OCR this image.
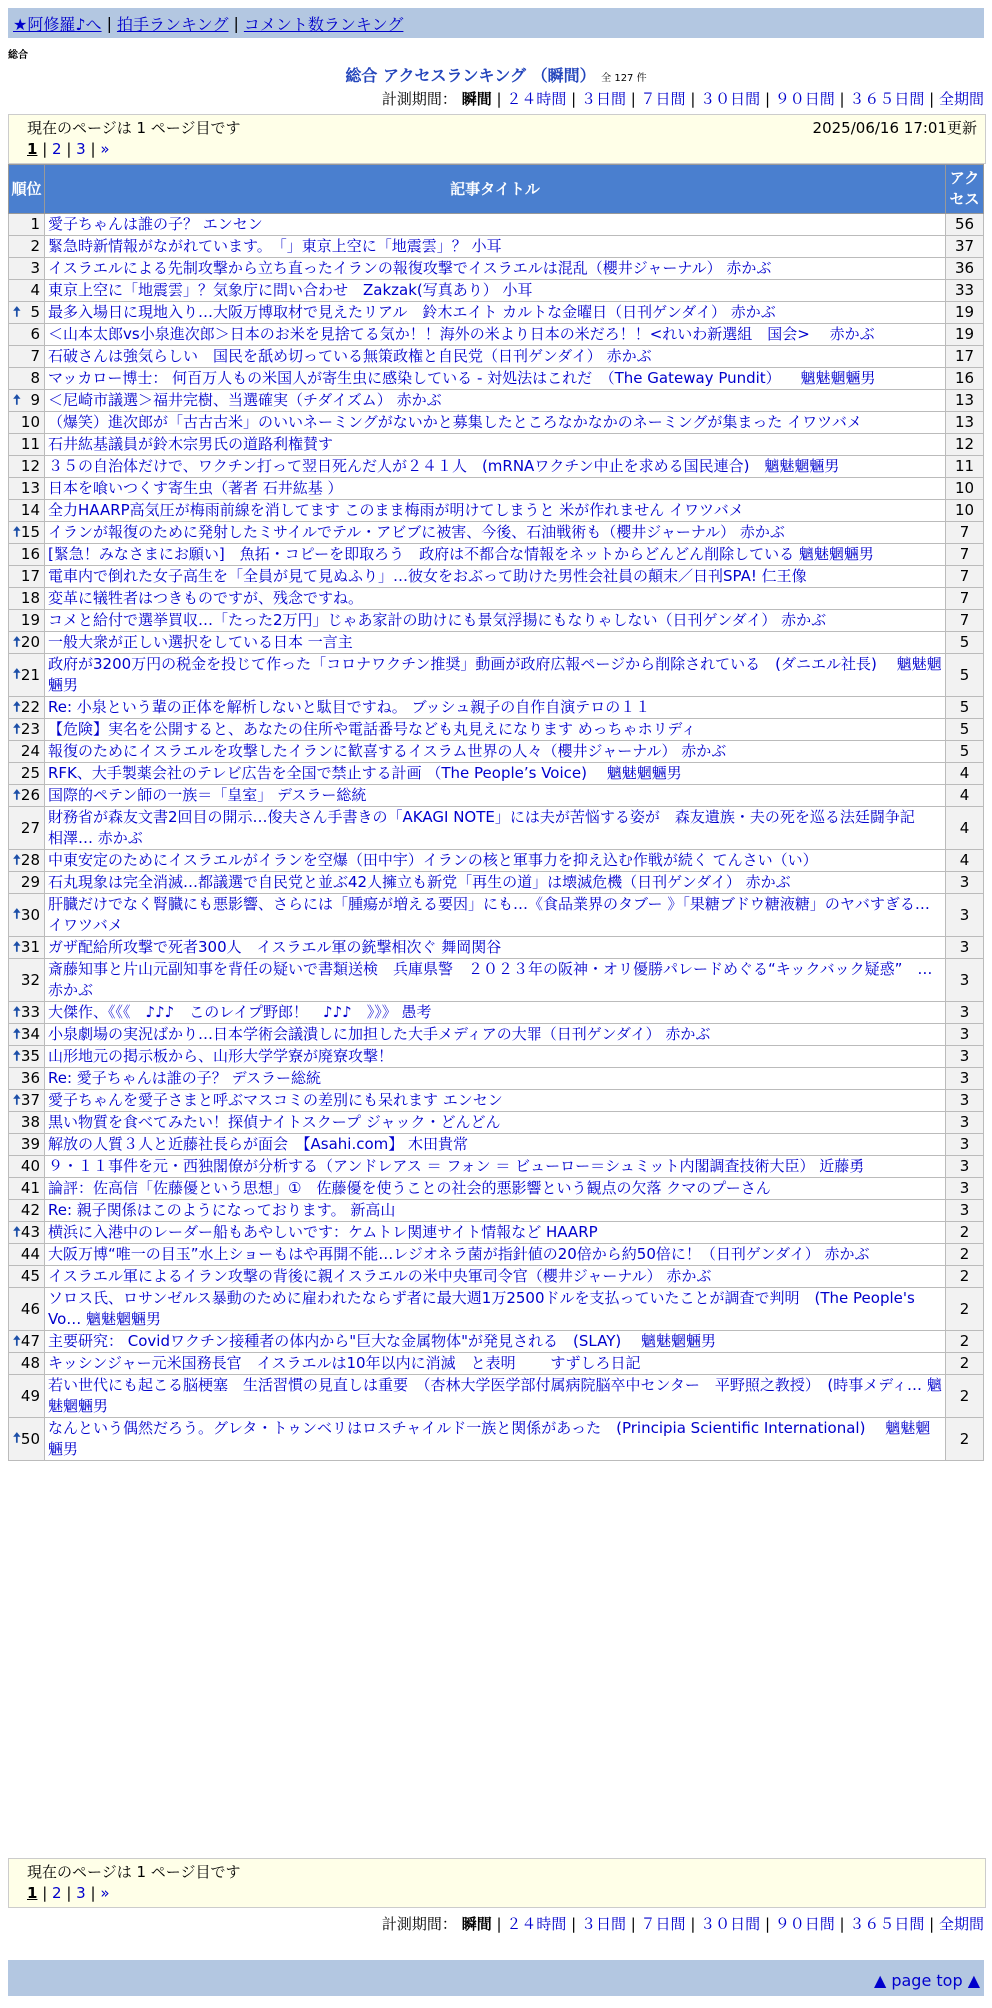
★阿修羅♪へ | 拍手ランキング | コメント数ランキング
総合
総合 アクセスランキング （瞬間） 全 127 件
計測期間： 瞬間 | ２４時間 | ３日間 | ７日間 | ３０日間 | ９０日間 | ３６５日間 | 全期間
現在のページは 1 ページ目です	2025/06/16 17:01更新
1 | 2 | 3 | »
順位	記事タイトル	アクセス
1	愛子ちゃんは誰の子？ エンセン	56
2	緊急時新情報がながれています。　「」東京上空に「地震雲」？ 小耳	37
3	イスラエルによる先制攻撃から立ち直ったイランの報復攻撃でイスラエルは混乱（櫻井ジャーナル） 赤かぶ	36
4	東京上空に「地震雲」？気象庁に問い合わせ　Zakzak(写真あり） 小耳	33

🠅 5	最多入場日に現地入り…大阪万博取材で見えたリアル　鈴木エイト カルトな金曜日（日刊ゲンダイ） 赤かぶ	19
6	＜山本太郎vs小泉進次郎＞日本のお米を見捨てる気か！！海外の米より日本の米だろ！！<れいわ新選組　国会>　 赤かぶ	19
7	石破さんは強気らしい　国民を舐め切っている無策政権と自民党（日刊ゲンダイ） 赤かぶ	17
8	マッカロー博士： 何百万人もの米国人が寄生虫に感染している - 対処法はこれだ　（The Gateway Pundit） 　魑魅魍魎男	16

🠅 9	＜尼崎市議選＞福井完樹、当選確実（チダイズム） 赤かぶ	13
10	（爆笑）進次郎が「古古古米」のいいネーミングがないかと募集したところなかなかのネーミングが集まった イワツバメ	13
11	石井紘基議員が鈴木宗男氏の道路利権賛す	12
12	３５の自治体だけで、ワクチン打って翌日死んだ人が２４１人　(mRNAワクチン中止を求める国民連合)　魑魅魍魎男	11
13	日本を喰いつくす寄生虫（著者 石井紘基 ）	10
14	全力HAARP高気圧が梅雨前線を消してます このまま梅雨が明けてしまうと 米が作れません イワツバメ	10

🠅 15	イランが報復のために発射したミサイルでテル・アビブに被害、今後、石油戦術も（櫻井ジャーナル） 赤かぶ	7
16	[緊急！みなさまにお願い]　魚拓・コピーを即取ろう　政府は不都合な情報をネットからどんどん削除している 魑魅魍魎男	7
17	電車内で倒れた女子高生を「全員が見て見ぬふり」…彼女をおぶって助けた男性会社員の顛末／日刊SPA! 仁王像	7
18	変革に犠牲者はつきものですが、残念ですね。	7
19	コメと給付で選挙買収…「たった2万円」じゃあ家計の助けにも景気浮揚にもなりゃしない（日刊ゲンダイ） 赤かぶ	7

🠅 20	一般大衆が正しい選択をしている日本 一言主	5

🠅 21	政府が3200万円の税金を投じて作った「コロナワクチン推奨」動画が政府広報ページから削除されている　(ダニエル社長)　 魑魅魍魎男	5

🠅 22	Re: 小泉という輩の正体を解析しないと駄目ですね。 ブッシュ親子の自作自演テロの１１	5

🠅 23	【危険】実名を公開すると、あなたの住所や電話番号なども丸見えになります めっちゃホリディ	5
24	報復のためにイスラエルを攻撃したイランに歓喜するイスラム世界の人々（櫻井ジャーナル） 赤かぶ	5
25	RFK、大手製薬会社のテレビ広告を全国で禁止する計画 （The People’s Voice)　 魑魅魍魎男	4

🠅 26	国際的ペテン師の一族＝「皇室」 デスラー総統	4
27	財務省が森友文書2回目の開示…俊夫さん手書きの「AKAGI NOTE」には夫が苦悩する姿が　森友遺族・夫の死を巡る法廷闘争記　相澤… 赤かぶ	4

🠅 28	中東安定のためにイスラエルがイランを空爆（田中宇）イランの核と軍事力を抑え込む作戦が続く てんさい（い）	4
29	石丸現象は完全消滅…都議選で自民党と並ぶ42人擁立も新党「再生の道」は壊滅危機（日刊ゲンダイ） 赤かぶ	3

🠅 30	肝臓だけでなく腎臓にも悪影響、さらには「腫瘍が増える要因」にも…《食品業界のタブー 》「果糖ブドウ糖液糖」のヤバすぎる… イワツバメ	3

🠅 31	ガザ配給所攻撃で死者300人　イスラエル軍の銃撃相次ぐ 舞岡関谷	3
32	斎藤知事と片山元副知事を背任の疑いで書類送検　兵庫県警　２０２３年の阪神・オリ優勝パレードめぐる“キックバック疑惑”　… 赤かぶ	3

🠅 33	大傑作、《《《　♪♪♪　このレイプ野郎！　♪♪♪　》》》 愚考	3

🠅 34	小泉劇場の実況ばかり…日本学術会議潰しに加担した大手メディアの大罪（日刊ゲンダイ） 赤かぶ	3

🠅 35	山形地元の掲示板から、山形大学学寮が廃寮攻撃！	3
36	Re: 愛子ちゃんは誰の子？ デスラー総統	3

🠅 37	愛子ちゃんを愛子さまと呼ぶマスコミの差別にも呆れます エンセン	3
38	黒い物質を食べてみたい！探偵ナイトスクープ ジャック・どんどん	3
39	解放の人質３人と近藤社長らが面会　【Asahi.com】 木田貴常	3
40	９・１１事件を元・西独閣僚が分析する（アンドレアス ＝ フォン ＝ ビューロー＝シュミット内閣調査技術大臣） 近藤勇	3
41	論評：佐高信「佐藤優という思想」①　佐藤優を使うことの社会的悪影響という観点の欠落 クマのプーさん	3
42	Re: 親子関係はこのようになっております。 新高山	3

🠅 43	横浜に入港中のレーダー船もあやしいです：ケムトレ関連サイト情報など HAARP	2
44	大阪万博“唯一の目玉”水上ショーもはや再開不能…レジオネラ菌が指針値の20倍から約50倍に！（日刊ゲンダイ） 赤かぶ	2
45	イスラエル軍によるイラン攻撃の背後に親イスラエルの米中央軍司令官（櫻井ジャーナル） 赤かぶ	2
46	ソロス氏、ロサンゼルス暴動のために雇われたならず者に最大週1万2500ドルを支払っていたことが調査で判明　(The People's Vo… 魑魅魍魎男	2

🠅 47	主要研究： Covidワクチン接種者の体内から"巨大な金属物体"が発見される　(SLAY)　 魑魅魍魎男	2
48	キッシンジャー元米国務長官　イスラエルは10年以内に消滅　と表明　　 すずしろ日記	2
49	若い世代にも起こる脳梗塞　生活習慣の見直しは重要　（杏林大学医学部付属病院脳卒中センター　平野照之教授）　(時事メディ… 魑魅魍魎男	2

🠅 50	なんという偶然だろう。グレタ・トゥンベリはロスチャイルド一族と関係があった　(Principia Scientific International)　 魑魅魍魎男	2
現在のページは 1 ページ目です
1 | 2 | 3 | »
計測期間： 瞬間 | ２４時間 | ３日間 | ７日間 | ３０日間 | ９０日間 | ３６５日間 | 全期間
▲ page top ▲
